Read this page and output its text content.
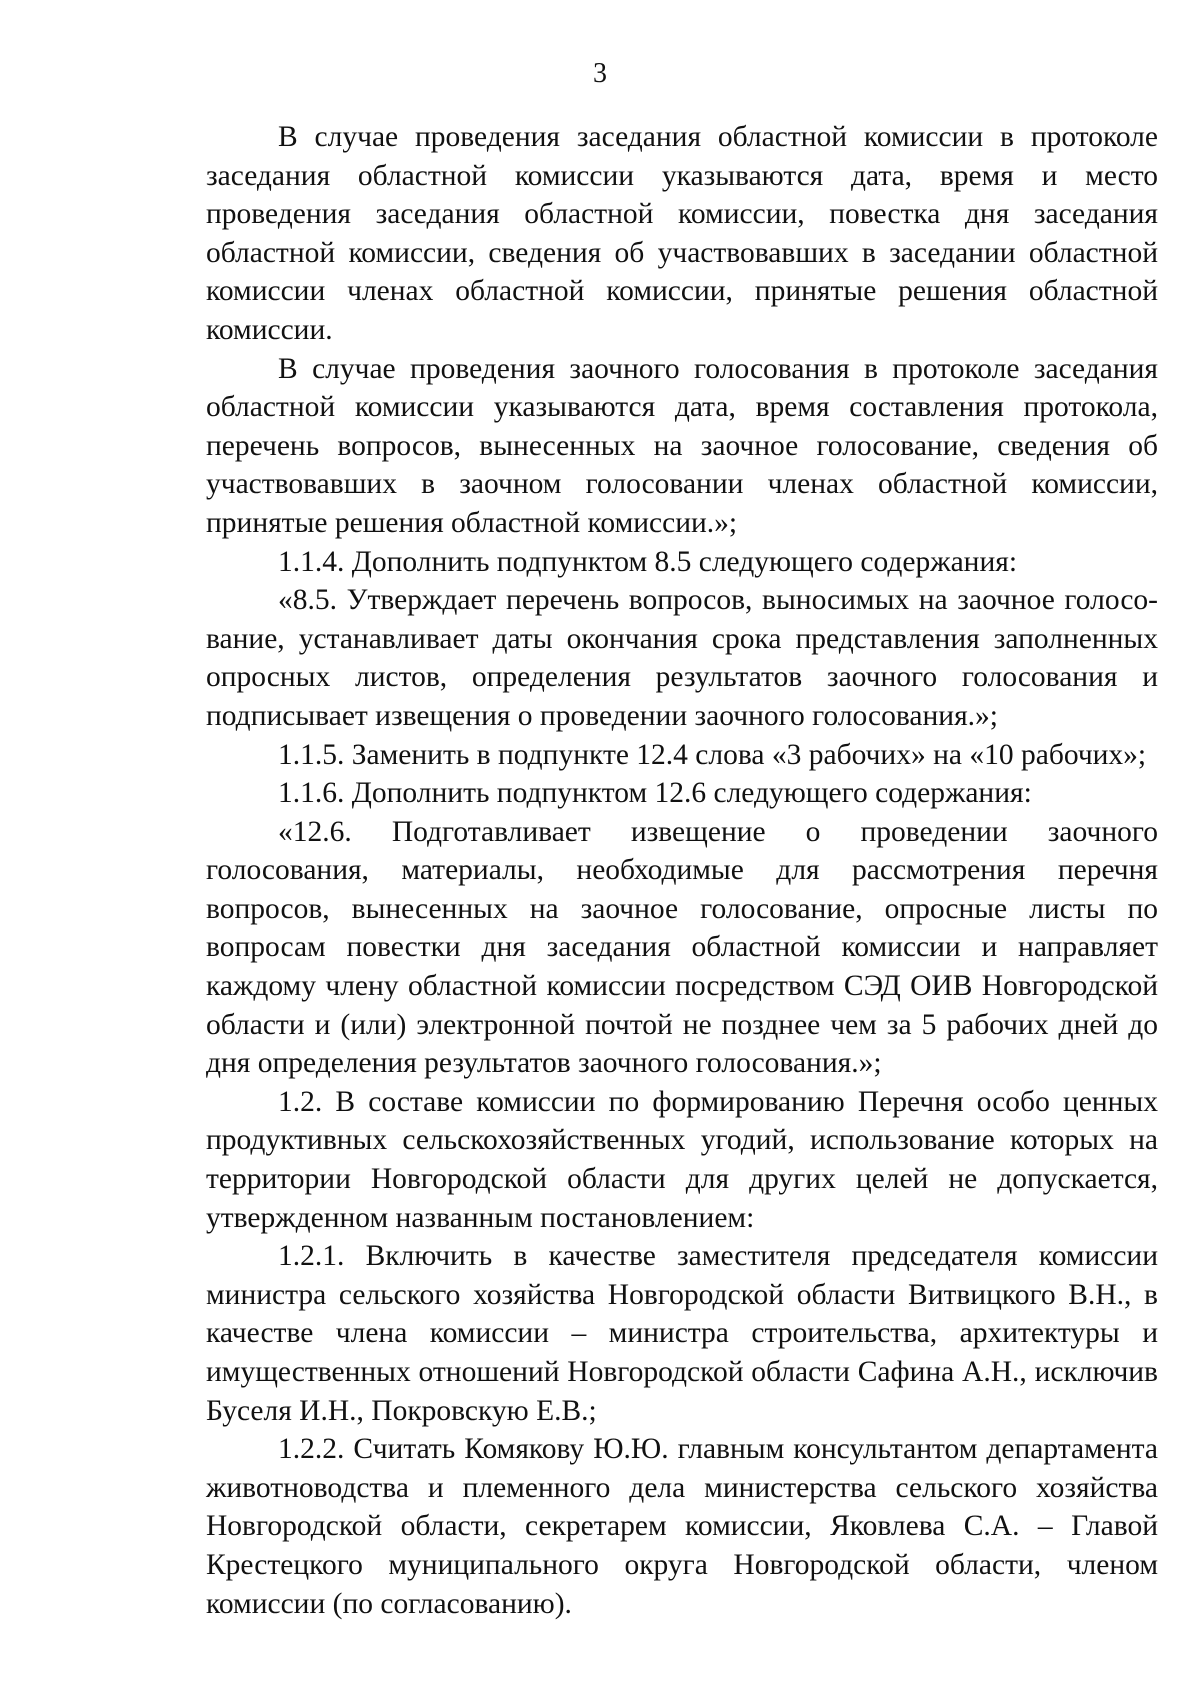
3

В случае проведения заседания областной комиссии в протоколе заседания областной комиссии указываются дата, время и место проведения заседания областной комиссии, повестка дня заседания областной комиссии, сведения об участвовавших в заседании областной комиссии членах областной комиссии, принятые решения областной комиссии.

В случае проведения заочного голосования в протоколе заседания областной комиссии указываются дата, время составления протокола, перечень вопросов, вынесенных на заочное голосование, сведения об участвовавших в заочном голосовании членах областной комиссии, принятые решения областной комиссии.»;

1.1.4. Дополнить подпунктом 8.5 следующего содержания:

«8.5. Утверждает перечень вопросов, выносимых на заочное голосование, устанавливает даты окончания срока представления заполненных опросных листов, определения результатов заочного голосования и подписывает извещения о проведении заочного голосования.»;

1.1.5. Заменить в подпункте 12.4 слова «3 рабочих» на «10 рабочих»;

1.1.6. Дополнить подпунктом 12.6 следующего содержания:

«12.6. Подготавливает извещение о проведении заочного голосования, материалы, необходимые для рассмотрения перечня вопросов, вынесенных на заочное голосование, опросные листы по вопросам повестки дня заседания областной комиссии и направляет каждому члену областной комиссии посредством СЭД ОИВ Новгородской области и (или) электронной почтой не позднее чем за 5 рабочих дней до дня определения результатов заочного голосования.»;

1.2. В составе комиссии по формированию Перечня особо ценных продуктивных сельскохозяйственных угодий, использование которых на территории Новгородской области для других целей не допускается, утвержденном названным постановлением:

1.2.1. Включить в качестве заместителя председателя комиссии министра сельского хозяйства Новгородской области Витвицкого В.Н., в качестве члена комиссии – министра строительства, архитектуры и имущественных отношений Новгородской области Сафина А.Н., исключив Буселя И.Н., Покровскую Е.В.;

1.2.2. Считать Комякову Ю.Ю. главным консультантом департамента животноводства и племенного дела министерства сельского хозяйства Новгородской области, секретарем комиссии, Яковлева С.А. – Главой Крестецкого муниципального округа Новгородской области, членом комиссии (по согласованию).
